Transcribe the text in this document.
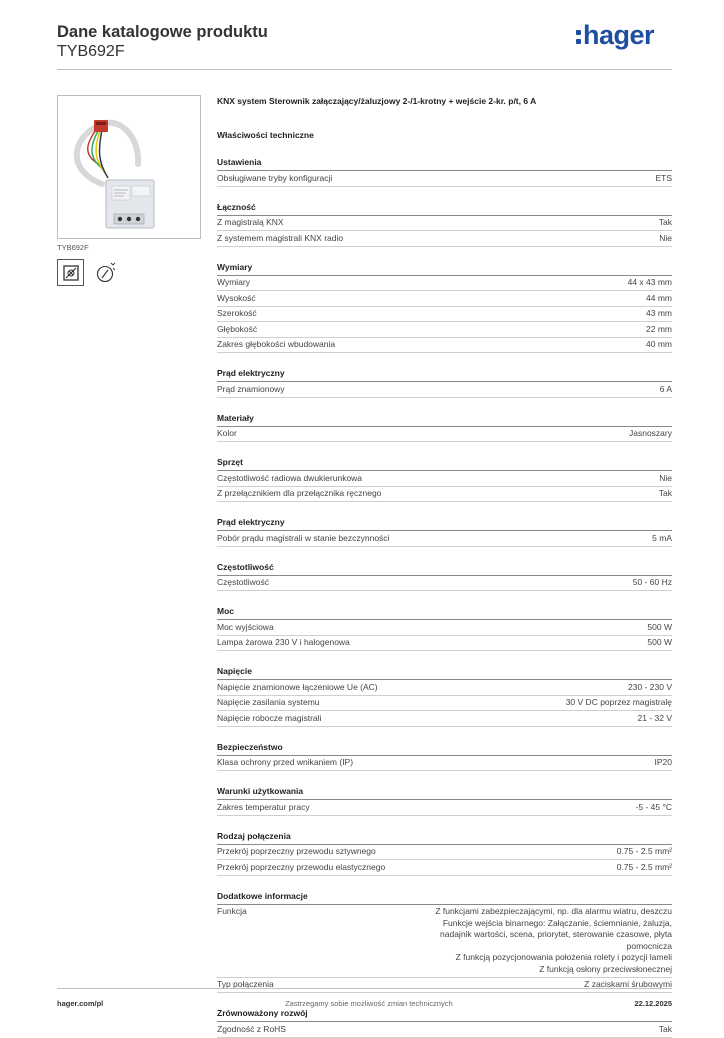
Dane katalogowe produktu
TYB692F
hager
TYB692F
KNX system Sterownik załączający/żaluzjowy 2-/1-krotny + wejście 2-kr. p/t, 6 A
Właściwości techniczne
Ustawienia
Obsługiwane tryby konfiguracji	ETS
Łączność
Z magistralą KNX	Tak
Z systemem magistrali KNX radio	Nie
Wymiary
Wymiary	44 x 43 mm
Wysokość	44 mm
Szerokość	43 mm
Głębokość	22 mm
Zakres głębokości wbudowania	40 mm
Prąd elektryczny
Prąd znamionowy	6 A
Materiały
Kolor	Jasnoszary
Sprzęt
Częstotliwość radiowa dwukierunkowa	Nie
Z przełącznikiem dla przełącznika ręcznego	Tak
Prąd elektryczny
Pobór prądu magistrali w stanie bezczynności	5 mA
Częstotliwość
Częstotliwość	50 - 60 Hz
Moc
Moc wyjściowa	500 W
Lampa żarowa 230 V i halogenowa	500 W
Napięcie
Napięcie znamionowe łączeniowe Ue (AC)	230 - 230 V
Napięcie zasilania systemu	30 V DC poprzez magistralę
Napięcie robocze magistrali	21 - 32 V
Bezpieczeństwo
Klasa ochrony przed wnikaniem (IP)	IP20
Warunki użytkowania
Zakres temperatur pracy	-5 - 45 °C
Rodzaj połączenia
Przekrój poprzeczny przewodu sztywnego	0.75 - 2.5 mm²
Przekrój poprzeczny przewodu elastycznego	0.75 - 2.5 mm²
Dodatkowe informacje
Funkcja	Z funkcjami zabezpieczającymi, np. dla alarmu wiatru, deszczu
Funkcje wejścia binarnego: Załączanie, ściemnianie, żaluzja, nadajnik wartości, scena, priorytet, sterowanie czasowe, płyta pomocnicza
Z funkcją pozycjonowania położenia rolety i pozycji lameli
Z funkcją osłony przeciwsłonecznej
Typ połączenia	Z zaciskami śrubowymi
Zrównoważony rozwój
Zgodność z RoHS	Tak
hager.com/pl	Zastrzegamy sobie możliwość zmian technicznych	22.12.2025
